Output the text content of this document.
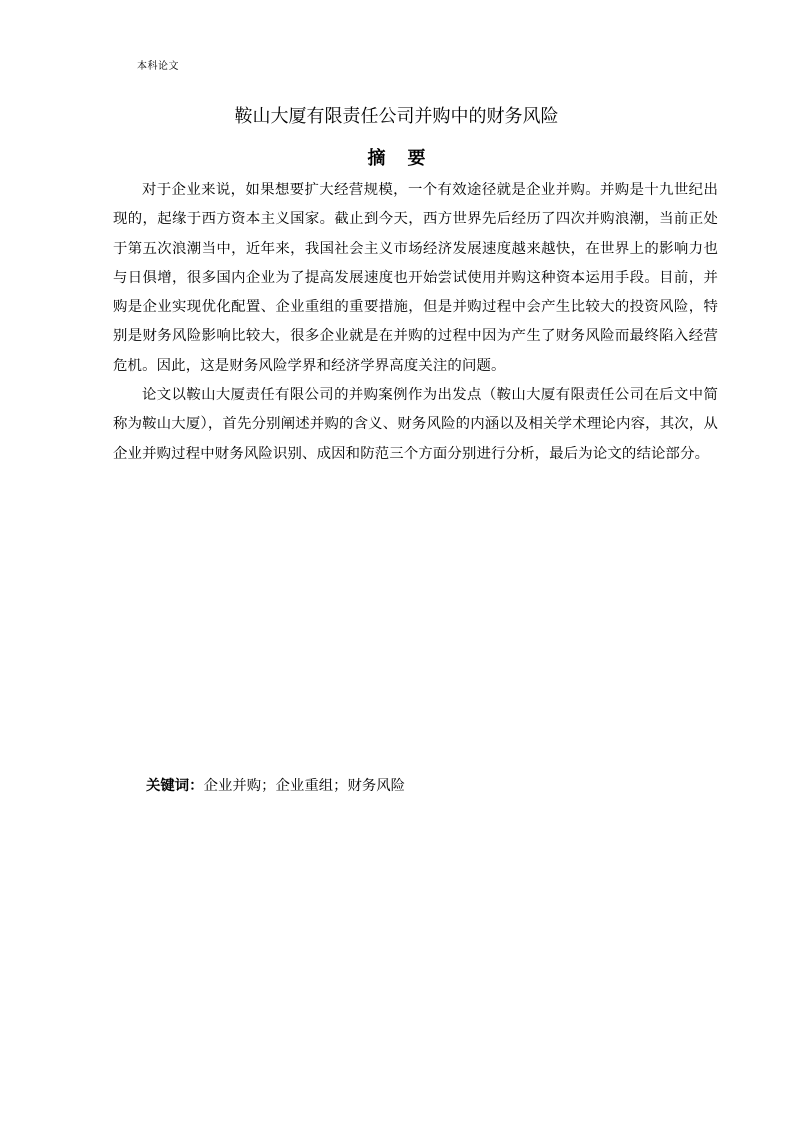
本科论文
鞍山大厦有限责任公司并购中的财务风险
摘要

对于企业来说，如果想要扩大经营规模，一个有效途径就是企业并购。并购是十九世纪出现的，起缘于西方资本主义国家。截止到今天，西方世界先后经历了四次并购浪潮，当前正处于第五次浪潮当中，近年来，我国社会主义市场经济发展速度越来越快，在世界上的影响力也与日俱增，很多国内企业为了提高发展速度也开始尝试使用并购这种资本运用手段。目前，并购是企业实现优化配置、企业重组的重要措施，但是并购过程中会产生比较大的投资风险，特别是财务风险影响比较大，很多企业就是在并购的过程中因为产生了财务风险而最终陷入经营危机。因此，这是财务风险学界和经济学界高度关注的问题。

论文以鞍山大厦责任有限公司的并购案例作为出发点（鞍山大厦有限责任公司在后文中简称为鞍山大厦），首先分别阐述并购的含义、财务风险的内涵以及相关学术理论内容，其次，从企业并购过程中财务风险识别、成因和防范三个方面分别进行分析，最后为论文的结论部分。

关键词：企业并购；企业重组；财务风险
